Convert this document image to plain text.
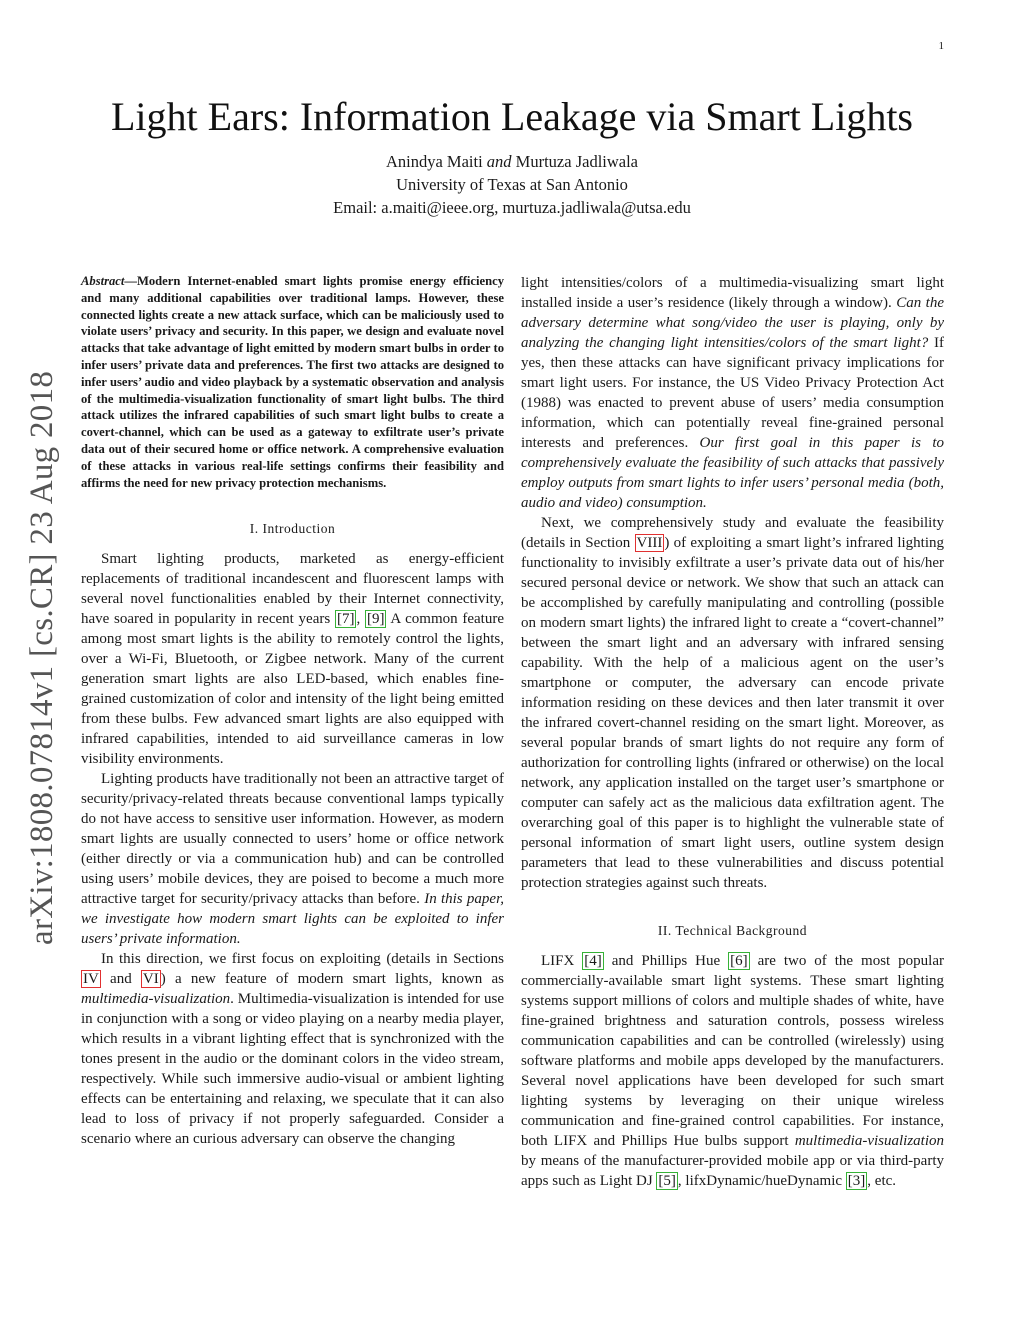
1
arXiv:1808.07814v1 [cs.CR] 23 Aug 2018
Light Ears: Information Leakage via Smart Lights
Anindya Maiti and Murtuza Jadliwala
University of Texas at San Antonio
Email: a.maiti@ieee.org, murtuza.jadliwala@utsa.edu
Abstract—Modern Internet-enabled smart lights promise energy efficiency and many additional capabilities over traditional lamps. However, these connected lights create a new attack surface, which can be maliciously used to violate users’ privacy and security. In this paper, we design and evaluate novel attacks that take advantage of light emitted by modern smart bulbs in order to infer users’ private data and preferences. The first two attacks are designed to infer users’ audio and video playback by a systematic observation and analysis of the multimedia-visualization functionality of smart light bulbs. The third attack utilizes the infrared capabilities of such smart light bulbs to create a covert-channel, which can be used as a gateway to exfiltrate user’s private data out of their secured home or office network. A comprehensive evaluation of these attacks in various real-life settings confirms their feasibility and affirms the need for new privacy protection mechanisms.
I. Introduction

Smart lighting products, marketed as energy-efficient replacements of traditional incandescent and fluorescent lamps with several novel functionalities enabled by their Internet connectivity, have soared in popularity in recent years [7] , [9] A common feature among most smart lights is the ability to remotely control the lights, over a Wi-Fi, Bluetooth, or Zigbee network. Many of the current generation smart lights are also LED-based, which enables fine-grained customization of color and intensity of the light being emitted from these bulbs. Few advanced smart lights are also equipped with infrared capabilities, intended to aid surveillance cameras in low visibility environments.

Lighting products have traditionally not been an attractive target of security/privacy-related threats because conventional lamps typically do not have access to sensitive user information. However, as modern smart lights are usually connected to users’ home or office network (either directly or via a communication hub) and can be controlled using users’ mobile devices, they are poised to become a much more attractive target for security/privacy attacks than before. In this paper, we investigate how modern smart lights can be exploited to infer users’ private information.

In this direction, we first focus on exploiting (details in Sections IV and VI ) a new feature of modern smart lights, known as multimedia-visualization. Multimedia-visualization is intended for use in conjunction with a song or video playing on a nearby media player, which results in a vibrant lighting effect that is synchronized with the tones present in the audio or the dominant colors in the video stream, respectively. While such immersive audio-visual or ambient lighting effects can be entertaining and relaxing, we speculate that it can also lead to loss of privacy if not properly safeguarded. Consider a scenario where an curious adversary can observe the changing

light intensities/colors of a multimedia-visualizing smart light installed inside a user’s residence (likely through a window). Can the adversary determine what song/video the user is playing, only by analyzing the changing light intensities/colors of the smart light? If yes, then these attacks can have significant privacy implications for smart light users. For instance, the US Video Privacy Protection Act (1988) was enacted to prevent abuse of users’ media consumption information, which can potentially reveal fine-grained personal interests and preferences. Our first goal in this paper is to comprehensively evaluate the feasibility of such attacks that passively employ outputs from smart lights to infer users’ personal media (both, audio and video) consumption.

Next, we comprehensively study and evaluate the feasibility (details in Section VIII ) of exploiting a smart light’s infrared lighting functionality to invisibly exfiltrate a user’s private data out of his/her secured personal device or network. We show that such an attack can be accomplished by carefully manipulating and controlling (possible on modern smart lights) the infrared light to create a “covert-channel” between the smart light and an adversary with infrared sensing capability. With the help of a malicious agent on the user’s smartphone or computer, the adversary can encode private information residing on these devices and then later transmit it over the infrared covert-channel residing on the smart light. Moreover, as several popular brands of smart lights do not require any form of authorization for controlling lights (infrared or otherwise) on the local network, any application installed on the target user’s smartphone or computer can safely act as the malicious data exfiltration agent. The overarching goal of this paper is to highlight the vulnerable state of personal information of smart light users, outline system design parameters that lead to these vulnerabilities and discuss potential protection strategies against such threats.

II. Technical Background

LIFX [4] and Phillips Hue [6] are two of the most popular commercially-available smart light systems. These smart lighting systems support millions of colors and multiple shades of white, have fine-grained brightness and saturation controls, possess wireless communication capabilities and can be controlled (wirelessly) using software platforms and mobile apps developed by the manufacturers. Several novel applications have been developed for such smart lighting systems by leveraging on their unique wireless communication and fine-grained control capabilities. For instance, both LIFX and Phillips Hue bulbs support multimedia-visualization by means of the manufacturer-provided mobile app or via third-party apps such as Light DJ [5] , lifxDynamic/hueDynamic [3] , etc.
